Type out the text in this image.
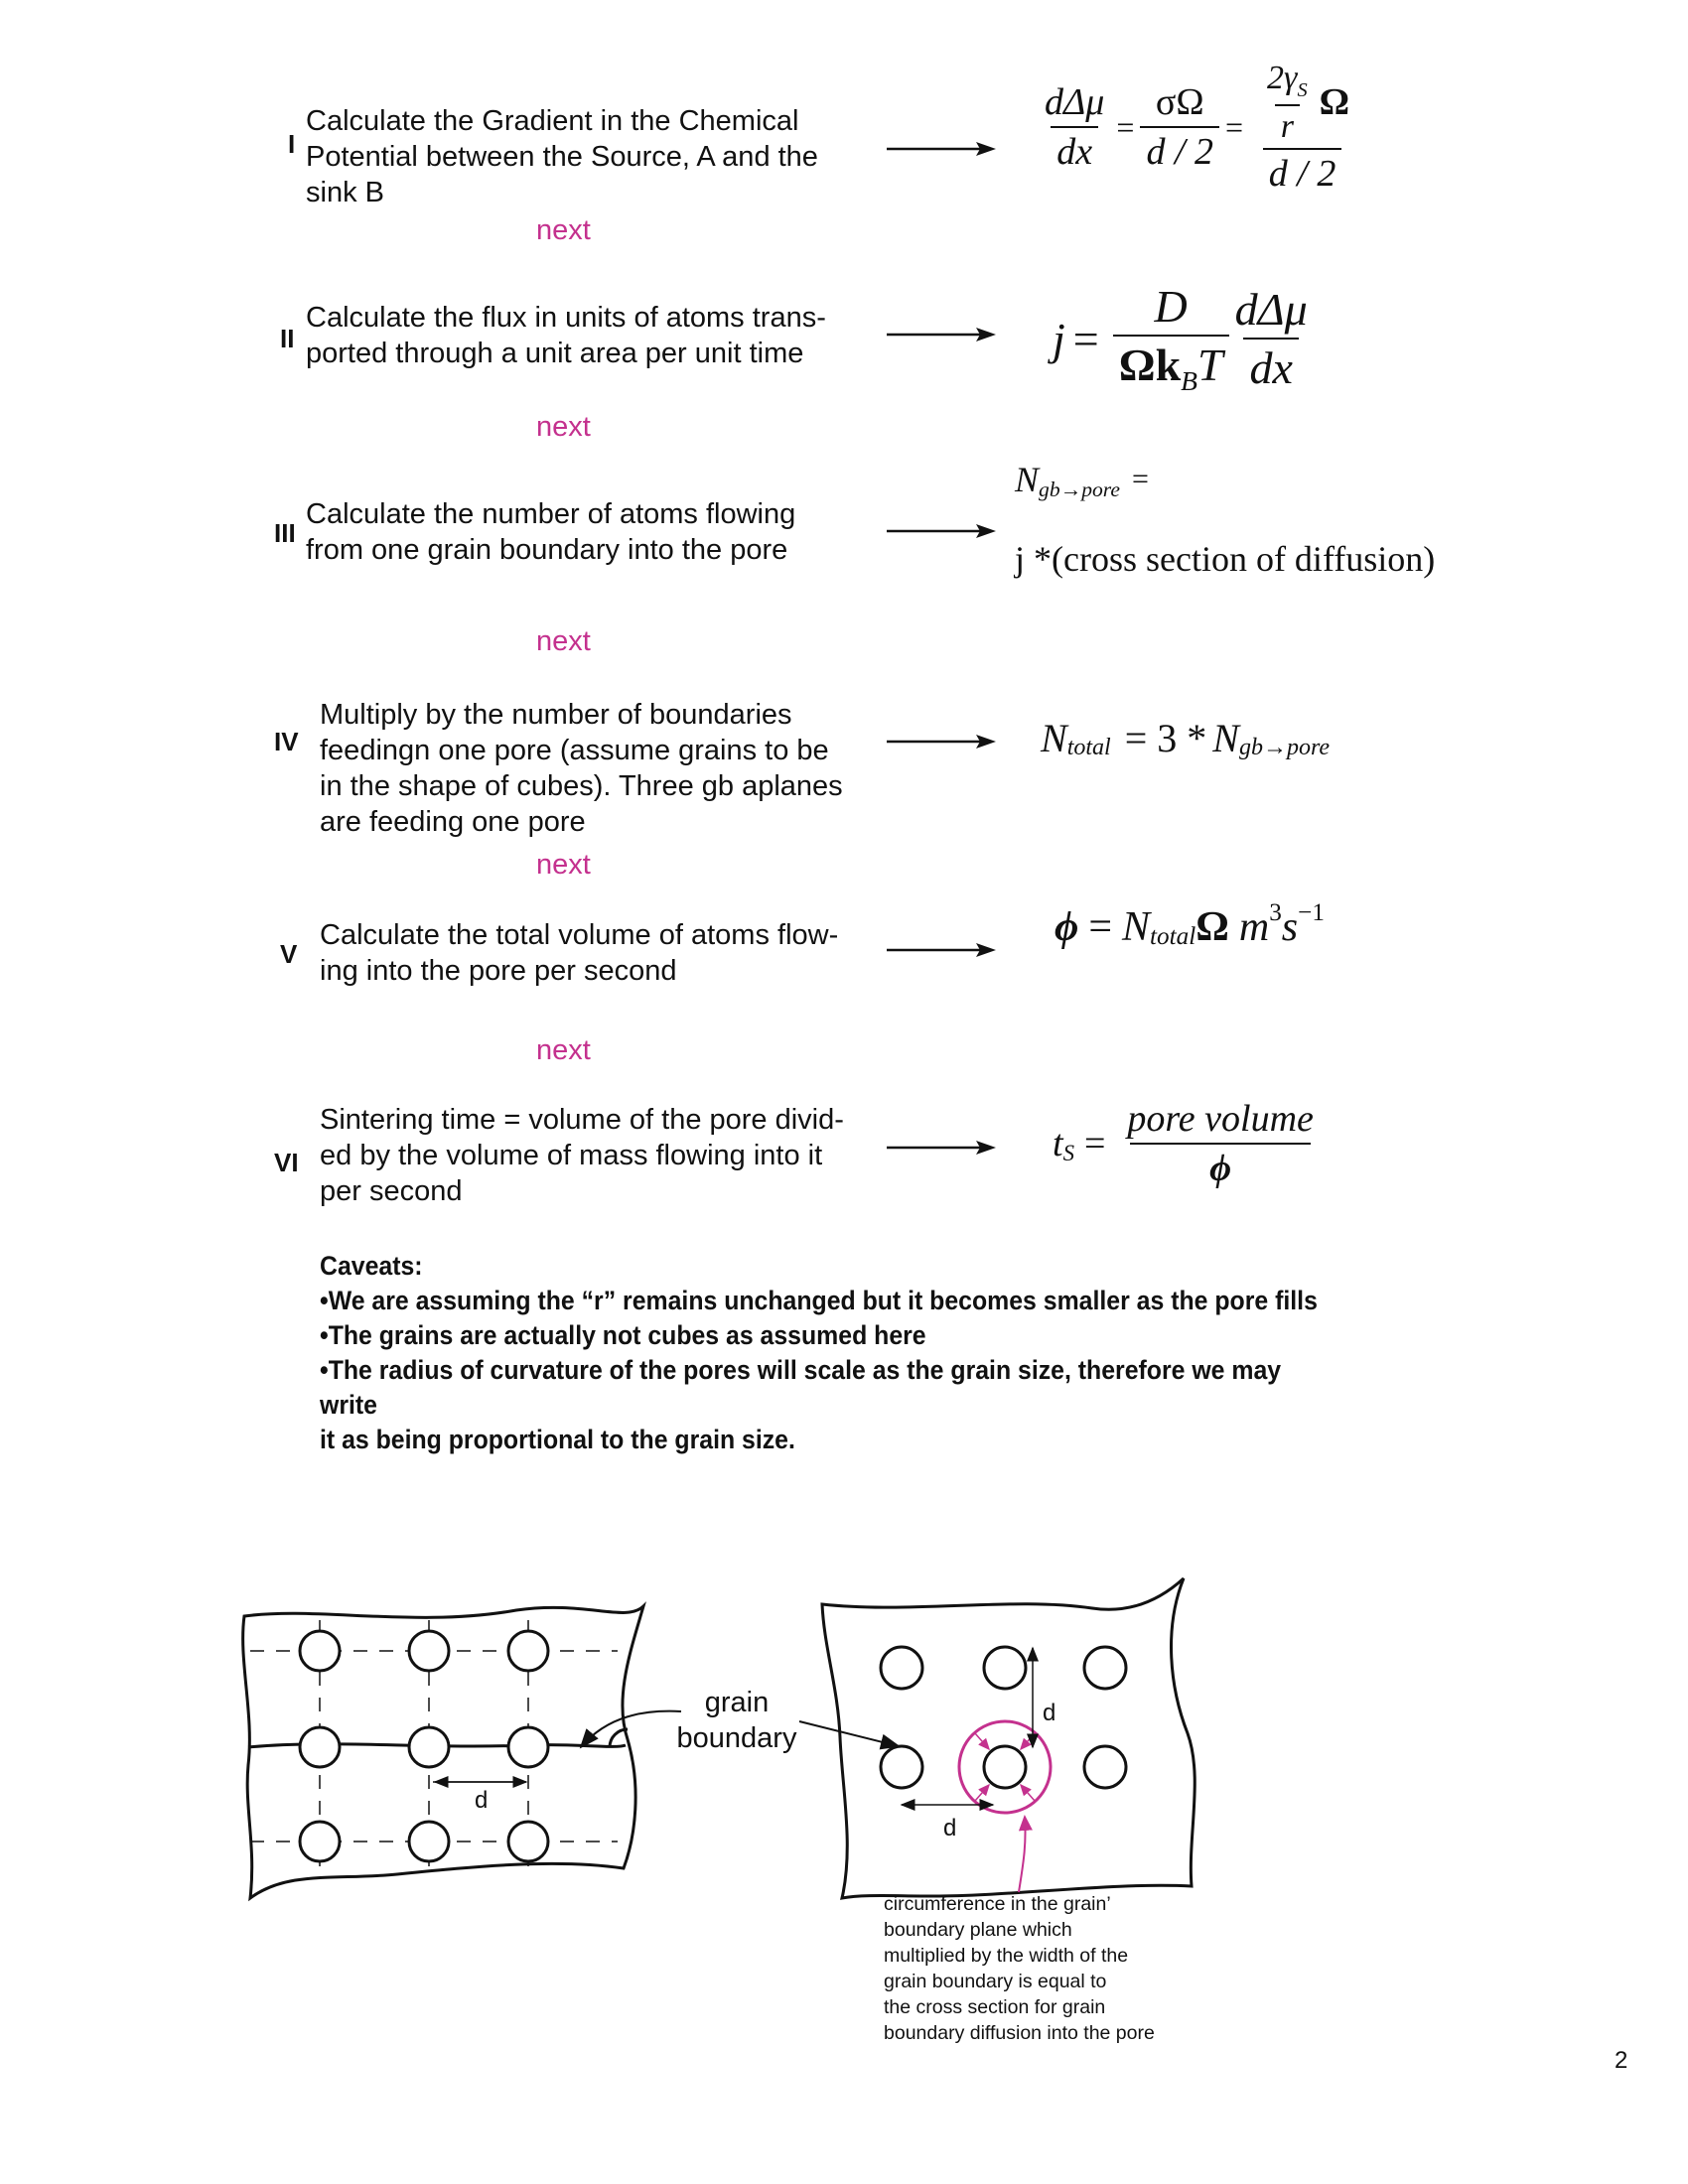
I
Calculate the Gradient in the Chemical
Potential between the Source, A and the
sink B
$\frac{\text{dΔμ}}{dx} = \frac{\sigma\Omega}{d / 2} = \frac{\frac{2\gamma_S}{r} \Omega}{d / 2}$
next
II
Calculate the flux in units of atoms trans-
ported through a unit area per unit time	$j = \frac{D}{\Omega k_BT} \frac{\text{dΔμ}}{dx}$
next
III
Calculate the number of atoms flowing
from one grain boundary into the pore
$N_{gb\to pore}$ =
j *(cross section of diffusion)
next
IV
Multiply by the number of boundaries
feedingn one pore (assume grains to be
in the shape of cubes). Three gb aplanes
are feeding one pore
$N_{total} = 3 * N_{gb\to pore}$
next
V
Calculate the total volume of atoms flow-
ing into the pore per second
$\phi = N_{total}$ Ω $m^3$ $s^{-1}$
next
VI
Sintering time = volume of the pore divid-
ed by the volume of mass flowing into it
per second
$t_S = \frac{\text{pore volume}}{\phi}$
Caveats:
•We are assuming the “r” remains unchanged but it becomes smaller as the pore fills
•The grains are actually not cubes as assumed here
•The radius of curvature of the pores will scale as the grain size, therefore we may write
it as being proportional to the grain size.
grain
boundary
d
d
d
circumference in the grain’
boundary plane which
multiplied by the width of the
grain boundary is equal to
the cross section for grain
boundary diffusion into the pore
2
